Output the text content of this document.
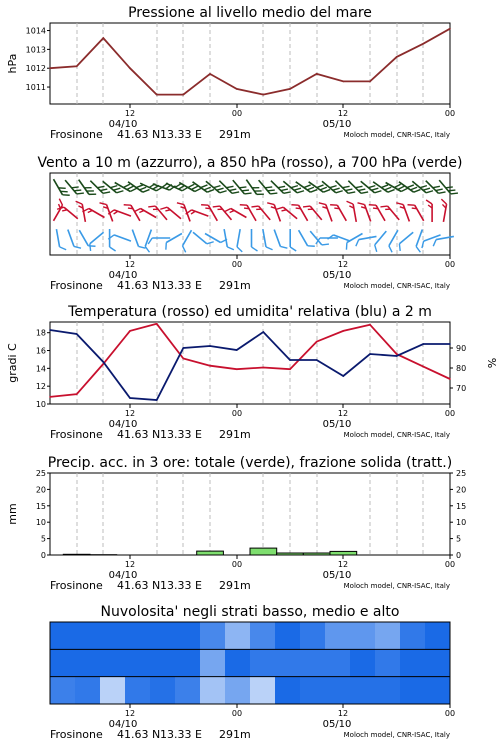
Pressione al livello medio del mare
12	00	12	00
04/10	05/10
Frosinone 41.63 N 13.33 E 291m	Moloch model, CNR-ISAC, Italy
1011
1012
1013
1014
hPa
Vento a 10 m (azzurro), a 850 hPa (rosso), a 700 hPa (verde)
12	00	12	00
04/10	05/10
Frosinone 41.63 N 13.33 E 291m	Moloch model, CNR-ISAC, Italy
Temperatura (rosso) ed umidita' relativa (blu) a 2 m
12	00	12	00
04/10	05/10
Frosinone 41.63 N 13.33 E 291m	Moloch model, CNR-ISAC, Italy
10
12
14
16
18
70
80
90
gradi C	%
Precip. acc. in 3 ore: totale (verde), frazione solida (tratt.)
12	00	12	00
04/10	05/10
Frosinone 41.63 N 13.33 E 291m	Moloch model, CNR-ISAC, Italy
0
5
10
15
20
25
0
5
10
15
20
25
mm
Nuvolosita' negli strati basso, medio e alto
12	00	12	00
04/10	05/10
Frosinone 41.63 N 13.33 E 291m	Moloch model, CNR-ISAC, Italy
